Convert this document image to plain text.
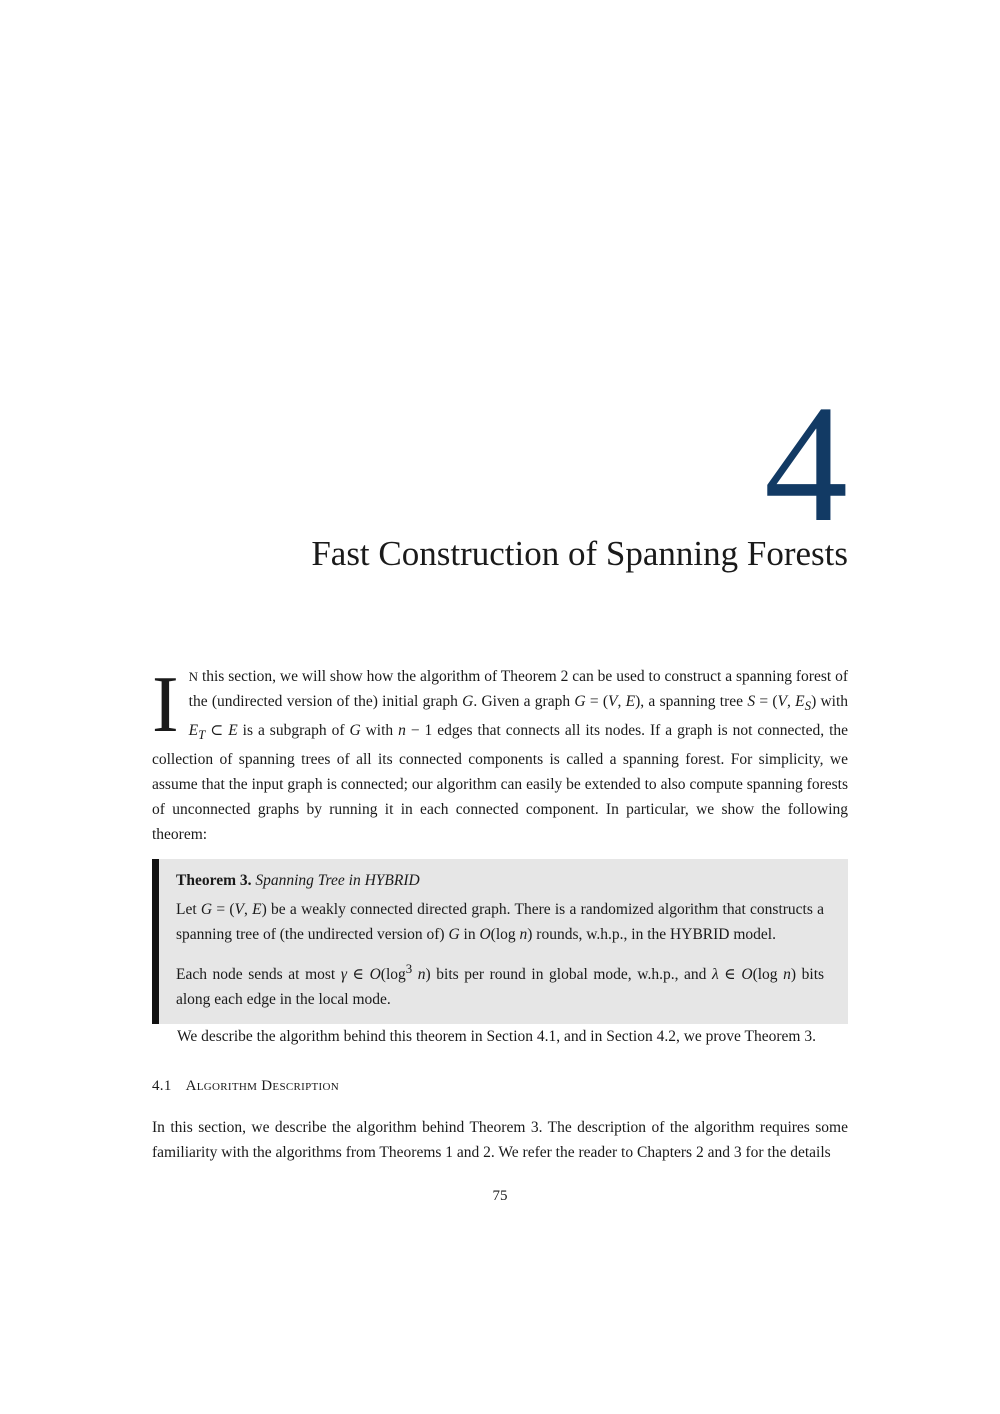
4
Fast Construction of Spanning Forests

IN this section, we will show how the algorithm of Theorem 2 can be used to construct a spanning forest of the (undirected version of the) initial graph G. Given a graph G = (V, E), a spanning tree S = (V, $E_S$) with $E_T$ ⊂ E is a subgraph of G with n − 1 edges that connects all its nodes. If a graph is not connected, the collection of spanning trees of all its connected components is called a spanning forest. For simplicity, we assume that the input graph is connected; our algorithm can easily be extended to also compute spanning forests of unconnected graphs by running it in each connected component. In particular, we show the following theorem:

Theorem 3. Spanning Tree in HYBRID

Let G = (V, E) be a weakly connected directed graph. There is a randomized algorithm that constructs a spanning tree of (the undirected version of) G in O(log n) rounds, w.h.p., in the HYBRID model.

Each node sends at most γ ∈ $O(\log^3$ n) bits per round in global mode, w.h.p., and λ ∈ O(log n) bits along each edge in the local mode.

We describe the algorithm behind this theorem in Section 4.1, and in Section 4.2, we prove Theorem 3.

4.1 Algorithm Description

In this section, we describe the algorithm behind Theorem 3. The description of the algorithm requires some familiarity with the algorithms from Theorems 1 and 2. We refer the reader to Chapters 2 and 3 for the details

75
